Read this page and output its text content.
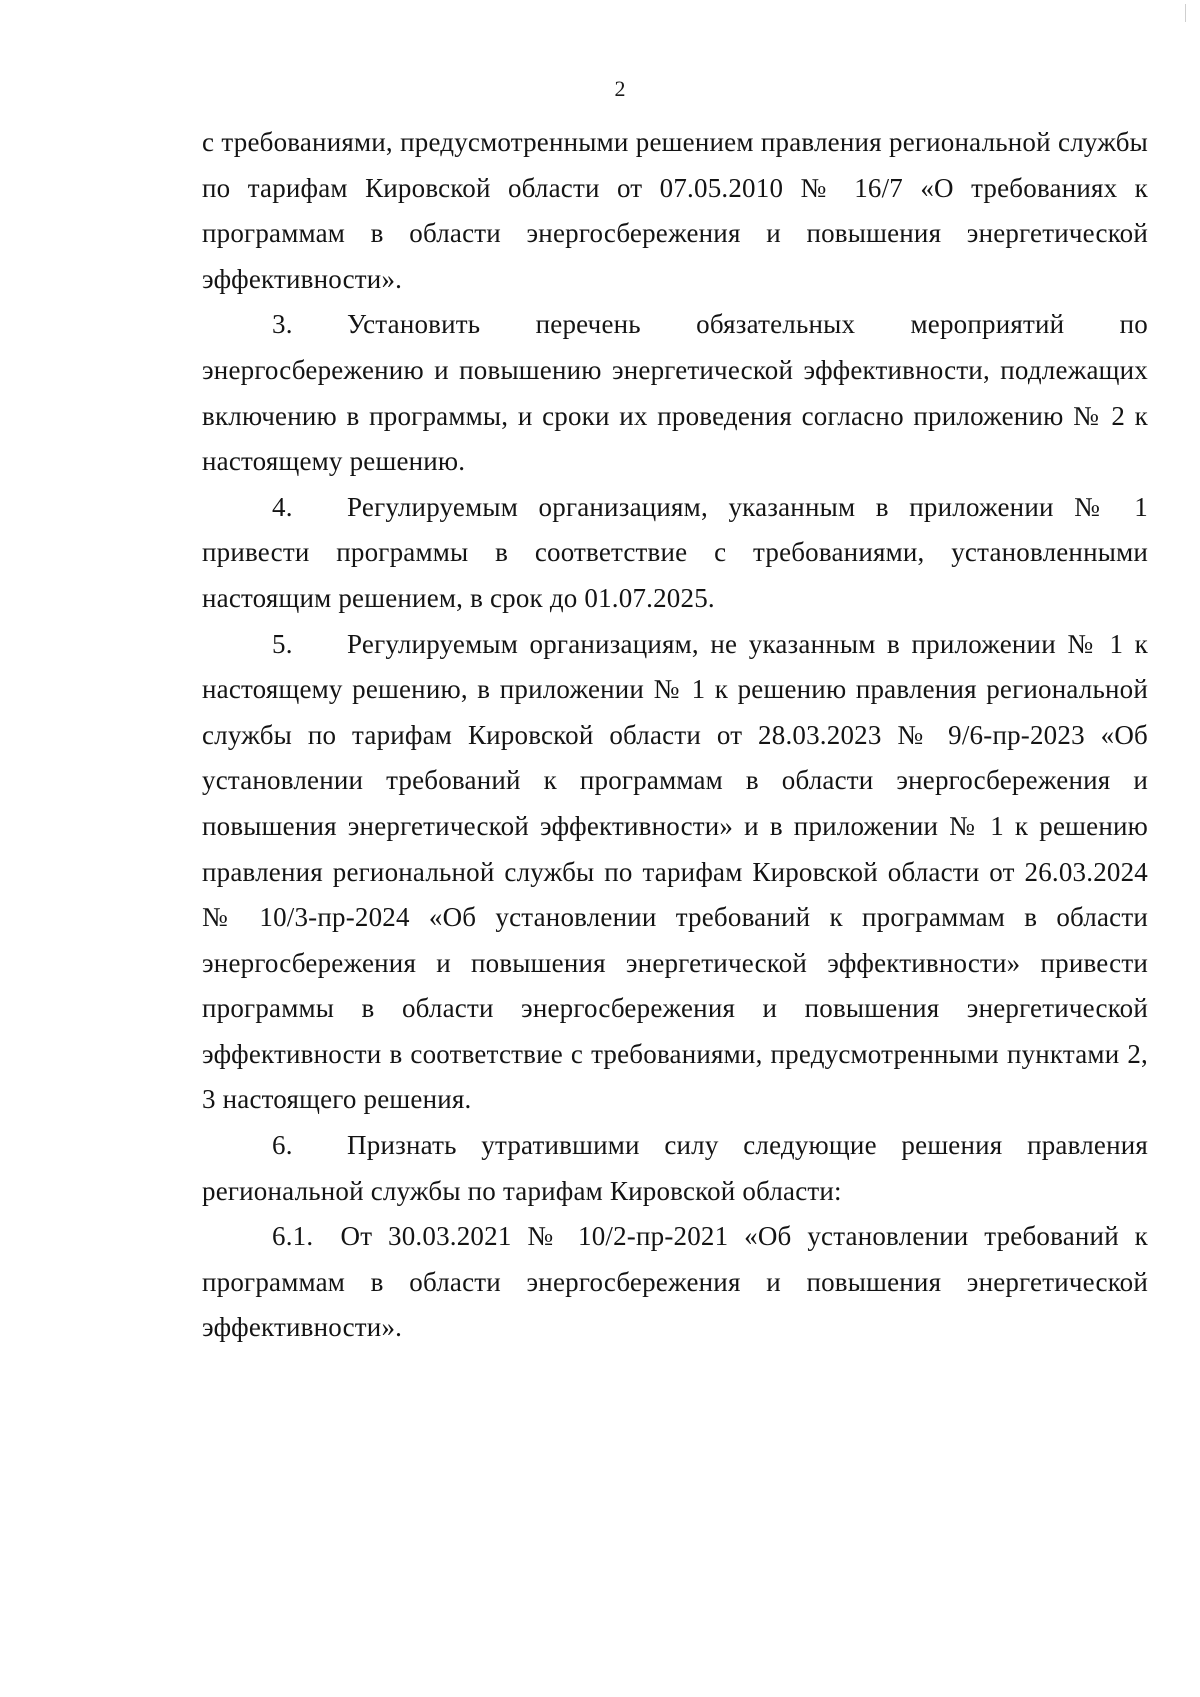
2

с требованиями, предусмотренными решением правления региональной службы по тарифам Кировской области от 07.05.2010 № 16/7 «О требованиях к программам в области энергосбережения и повышения энергетической эффективности».

3.  Установить перечень обязательных мероприятий по энергосбережению и повышению энергетической эффективности, подлежащих включению в программы, и сроки их проведения согласно приложению № 2 к настоящему решению.

4.  Регулируемым организациям, указанным в приложении № 1 привести программы в соответствие с требованиями, установленными настоящим решением, в срок до 01.07.2025.

5.  Регулируемым организациям, не указанным в приложении № 1 к настоящему решению, в приложении № 1 к решению правления региональной службы по тарифам Кировской области от 28.03.2023 № 9/6-пр-2023 «Об установлении требований к программам в области энергосбережения и повышения энергетической эффективности» и в приложении № 1 к решению правления региональной службы по тарифам Кировской области от 26.03.2024 № 10/3-пр-2024 «Об установлении требований к программам в области энергосбережения и повышения энергетической эффективности» привести программы в области энергосбережения и повышения энергетической эффективности в соответствие с требованиями, предусмотренными пунктами 2, 3 настоящего решения.

6.  Признать утратившими силу следующие решения правления региональной службы по тарифам Кировской области:

6.1. От 30.03.2021 № 10/2-пр-2021 «Об установлении требований к программам в области энергосбережения и повышения энергетической эффективности».
